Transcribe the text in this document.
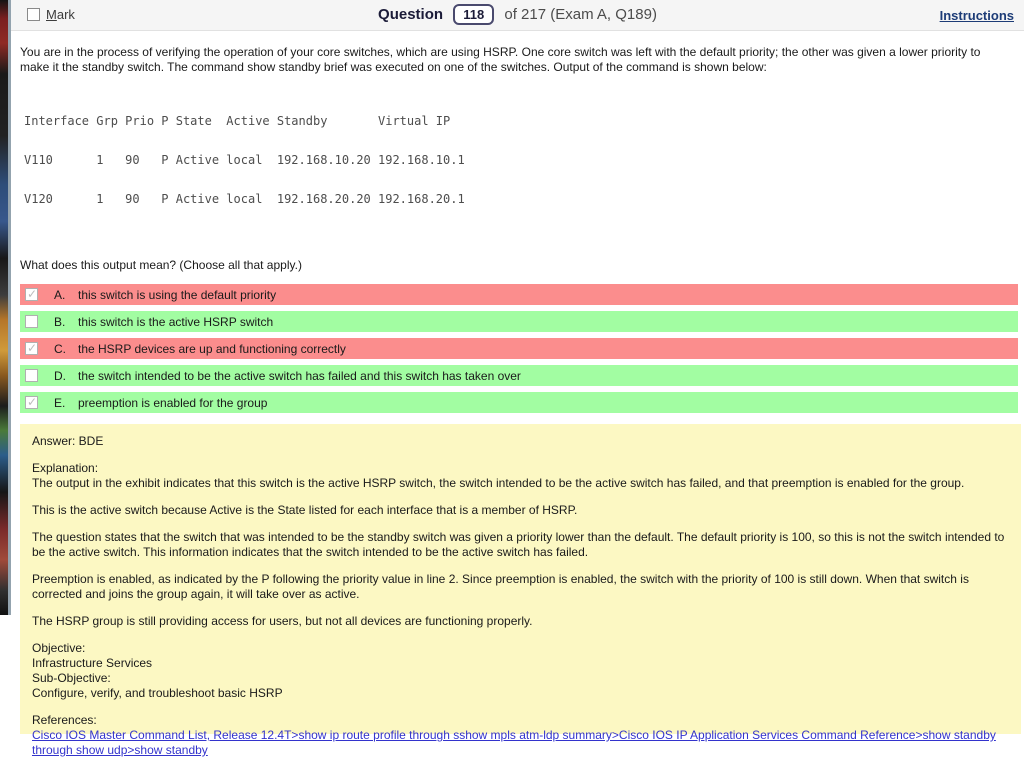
Mark	Question 118 of 217 (Exam A, Q189)	Instructions
You are in the process of verifying the operation of your core switches, which are using HSRP. One core switch was left with the default priority; the other was given a lower priority to make it the standby switch. The command show standby brief was executed on one of the switches. Output of the command is shown below:

Interface Grp Prio P State  Active Standby       Virtual IP

V110      1   90   P Active local  192.168.10.20 192.168.10.1

V120      1   90   P Active local  192.168.20.20 192.168.20.1

What does this output mean? (Choose all that apply.)
✓
A.	this switch is using the default priority
B.	this switch is the active HSRP switch
✓
C.	the HSRP devices are up and functioning correctly
D.	the switch intended to be the active switch has failed and this switch has taken over
✓
E.	preemption is enabled for the group
Answer: BDE
Explanation:
The output in the exhibit indicates that this switch is the active HSRP switch, the switch intended to be the active switch has failed, and that preemption is enabled for the group.
This is the active switch because Active is the State listed for each interface that is a member of HSRP.
The question states that the switch that was intended to be the standby switch was given a priority lower than the default. The default priority is 100, so this is not the switch intended to be the active switch. This information indicates that the switch intended to be the active switch has failed.
Preemption is enabled, as indicated by the P following the priority value in line 2. Since preemption is enabled, the switch with the priority of 100 is still down. When that switch is corrected and joins the group again, it will take over as active.
The HSRP group is still providing access for users, but not all devices are functioning properly.
Objective:
Infrastructure Services
Sub-Objective:
Configure, verify, and troubleshoot basic HSRP
References:
Cisco IOS Master Command List, Release 12.4T>show ip route profile through sshow mpls atm-ldp summary>Cisco IOS IP Application Services Command Reference>show standby through show udp>show standby
